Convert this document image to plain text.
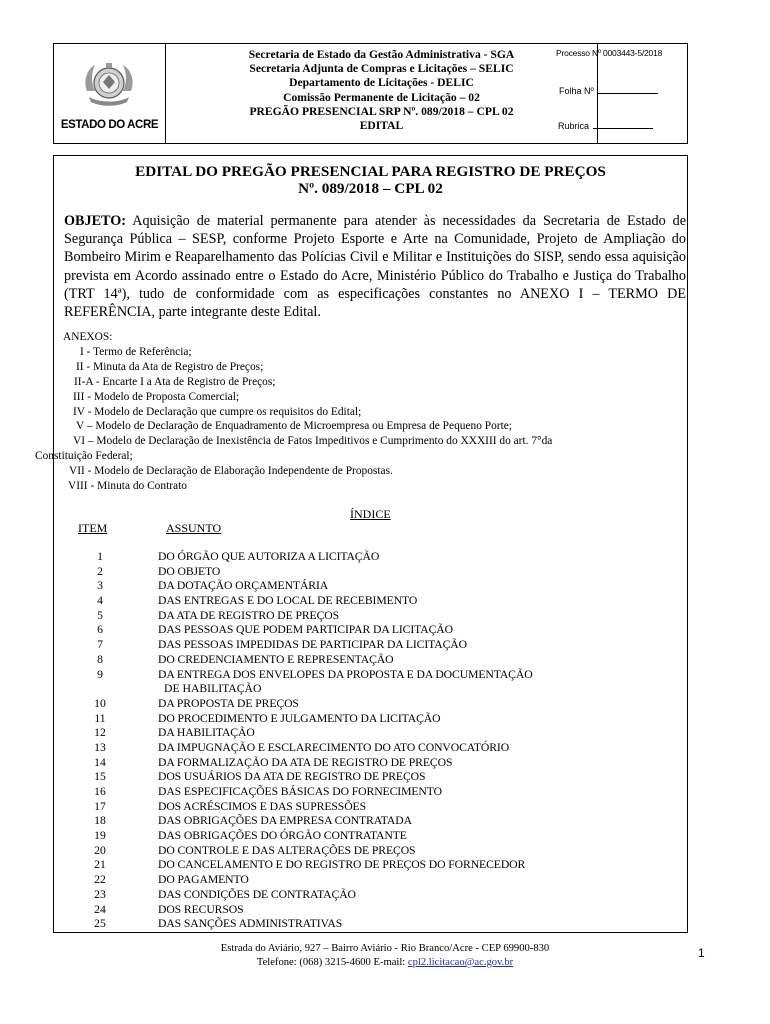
ESTADO DO ACRE
Secretaria de Estado da Gestão Administrativa - SGA
Secretaria Adjunta de Compras e Licitações – SELIC
Departamento de Licitações - DELIC
Comissão Permanente de Licitação – 02
PREGÃO PRESENCIAL SRP Nº. 089/2018 – CPL 02
EDITAL
Processo Nº 0003443-5/2018
Folha Nº
Rubrica
EDITAL DO PREGÃO PRESENCIAL PARA REGISTRO DE PREÇOS
Nº. 089/2018 – CPL 02
OBJETO: Aquisição de material permanente para atender às necessidades da Secretaria de Estado de Segurança Pública – SESP, conforme Projeto Esporte e Arte na Comunidade, Projeto de Ampliação do Bombeiro Mirim e Reaparelhamento das Polícias Civil e Militar e Instituições do SISP, sendo essa aquisição prevista em Acordo assinado entre o Estado do Acre, Ministério Público do Trabalho e Justiça do Trabalho (TRT 14ª), tudo de conformidade com as especificações constantes no ANEXO I – TERMO DE REFERÊNCIA, parte integrante deste Edital.
ANEXOS:
I - Termo de Referência;
II - Minuta da Ata de Registro de Preços;
II-A - Encarte I a Ata de Registro de Preços;
III - Modelo de Proposta Comercial;
IV - Modelo de Declaração que cumpre os requisitos do Edital;
V – Modelo de Declaração de Enquadramento de Microempresa ou Empresa de Pequeno Porte;
VI – Modelo de Declaração de Inexistência de Fatos Impeditivos e Cumprimento do XXXIII do art. 7°da
Constituição Federal;
VII - Modelo de Declaração de Elaboração Independente de Propostas.
VIII - Minuta do Contrato
ÍNDICE
ITEM	ASSUNTO
1	DO ÓRGÃO QUE AUTORIZA A LICITAÇÃO
2	DO OBJETO
3	DA DOTAÇÃO ORÇAMENTÁRIA
4	DAS ENTREGAS E DO LOCAL DE RECEBIMENTO
5	DA ATA DE REGISTRO DE PREÇOS
6	DAS PESSOAS QUE PODEM PARTICIPAR DA LICITAÇÃO
7	DAS PESSOAS IMPEDIDAS DE PARTICIPAR DA LICITAÇÃO
8	DO CREDENCIAMENTO E REPRESENTAÇÃO
9	DA ENTREGA DOS ENVELOPES DA PROPOSTA E DA DOCUMENTAÇÃO
DE HABILITAÇÃO
10	DA PROPOSTA DE PREÇOS
11	DO PROCEDIMENTO E JULGAMENTO DA LICITAÇÃO
12	DA HABILITAÇÃO
13	DA IMPUGNAÇÃO E ESCLARECIMENTO DO ATO CONVOCATÓRIO
14	DA FORMALIZAÇÃO DA ATA DE REGISTRO DE PREÇOS
15	DOS USUÁRIOS DA ATA DE REGISTRO DE PREÇOS
16	DAS ESPECIFICAÇÕES BÁSICAS DO FORNECIMENTO
17	DOS ACRÉSCIMOS E DAS SUPRESSÕES
18	DAS OBRIGAÇÕES DA EMPRESA CONTRATADA
19	DAS OBRIGAÇÕES DO ÓRGÃO CONTRATANTE
20	DO CONTROLE E DAS ALTERAÇÕES DE PREÇOS
21	DO CANCELAMENTO E DO REGISTRO DE PREÇOS DO FORNECEDOR
22	DO PAGAMENTO
23	DAS CONDIÇÕES DE CONTRATAÇÃO
24	DOS RECURSOS
25	DAS SANÇÕES ADMINISTRATIVAS
Estrada do Aviário, 927 – Bairro Aviário - Rio Branco/Acre - CEP 69900-830
Telefone: (068) 3215-4600 E-mail: cpl2.licitacao@ac.gov.br
1
